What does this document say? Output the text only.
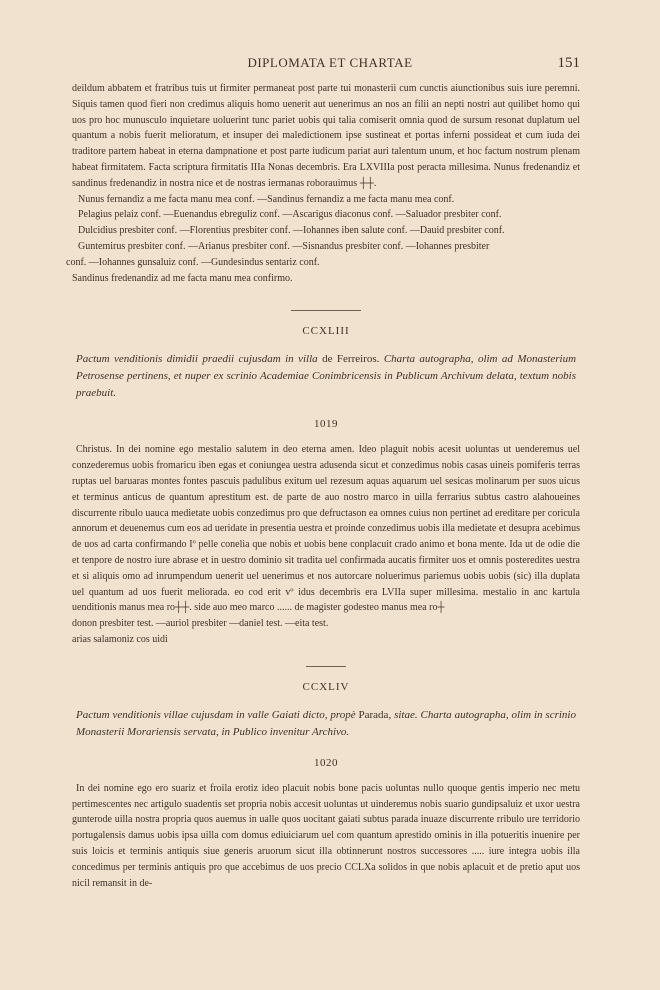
DIPLOMATA ET CHARTAE	151

deildum abbatem et fratribus tuis ut firmiter permaneat post parte tui monasterii cum cunctis aiunctionibus suis iure peremni. Siquis tamen quod fieri non credimus aliquis homo uenerit aut uenerimus an nos an filii an nepti nostri aut quilibet homo qui uos pro hoc munusculo inquietare uoluerint tunc pariet uobis qui talia comiserit omnia quod de sursum resonat duplatum uel quantum a nobis fuerit melioratum, et insuper dei maledictionem ipse sustineat et portas inferni possideat et cum iuda dei traditore partem habeat in eterna dampnatione et post parte iudicum pariat auri talentum unum, et hoc factum nostrum plenam habeat firmitatem. Facta scriptura firmitatis IIIa Nonas decembris. Era LXVIIIa post peracta millesima. Nunus fredenandiz et sandinus fredenandiz in nostra nice et de nostras iermanas roborauimus ┼┼.

Nunus fernandiz a me facta manu mea conf. —Sandinus fernandiz a me facta manu mea conf.

Pelagius pelaiz conf. —Euenandus ebreguliz conf. —Ascarigus diaconus conf. —Saluador presbiter conf.

Dulcidius presbiter conf. —Florentius presbiter conf. —Iohannes iben salute conf. —Dauid presbiter conf.

Guntemirus presbiter conf. —Arianus presbiter conf. —Sisnandus presbiter conf. —Iohannes presbiter

conf. —Iohannes gunsaluiz conf. —Gundesindus sentariz conf.

Sandinus fredenandiz ad me facta manu mea confirmo.

CCXLIII
Pactum venditionis dimidii praedii cujusdam in villa de Ferreiros. Charta autographa, olim ad Monasterium Petrosense pertinens, et nuper ex scrinio Academiae Conimbricensis in Publicum Archivum delata, textum nobis praebuit.
1019

Christus. In dei nomine ego mestalio salutem in deo eterna amen. Ideo plaguit nobis acesit uoluntas ut uenderemus uel conzederemus uobis fromaricu iben egas et coniungea uestra adusenda sicut et conzedimus nobis casas uineis pomiferis terras ruptas uel baruaras montes fontes pascuis padulibus exitum uel rezesum aquas aquarum uel sesicas molinarum per suos uicus et terminus anticus de quantum aprestitum est. de parte de auo nostro marco in uilla ferrarius subtus castro alahoueines discurrente ribulo uauca medietate uobis conzedimus pro que defructason ea omnes cuius non pertinet ad ereditare per coricula annorum et deuenemus cum eos ad ueridate in presentia uestra et proinde conzedimus uobis illa medietate et desupra acebimus de uos ad carta confirmando Iº pelle conelia que nobis et uobis bene conplacuit crado animo et bona mente. Ida ut de odie die et tenpore de nostro iure abrase et in uestro dominio sit tradita uel confirmada aucatis firmiter uos et omnis posteredites uestra et si aliquis omo ad inrumpendum uenerit uel uenerimus et nos autorcare noluerimus pariemus uobis uobis (sic) illa duplata uel quantum ad uos fuerit meliorada. eo cod erit vº idus decembris era LVIIa super millesima. mestalio in anc kartula uenditionis manus mea ro┼┼. side auo meo marco ...... de magister godesteo manus mea ro┼

donon presbiter test. —auriol presbiter —daniel test. —eita test.

arias salamoniz cos uidi

CCXLIV
Pactum venditionis villae cujusdam in valle Gaiati dicto, propè Parada, sitae. Charta autographa, olim in scrinio Monasterii Morariensis servata, in Publico invenitur Archivo.
1020

In dei nomine ego ero suariz et froila erotiz ideo placuit nobis bone pacis uoluntas nullo quoque gentis imperio nec metu pertimescentes nec artigulo suadentis set propria nobis accesit uoluntas ut uinderemus nobis suario gundipsaluiz et uxor uestra gunterode uilla nostra propria quos auemus in ualle quos uocitant gaiati subtus parada inuaze discurrente rribulo ure terridorio portugalensis damus uobis ipsa uilla com domus ediuiciarum uel com quantum aprestido ominis in illa potueritis inuenire per suis loicis et terminis antiquis siue generis aruorum sicut illa obtinnerunt nostros successores ..... iure integra uobis illa concedimus per terminis antiquis pro que accebimus de uos precio CCLXa solidos in que nobis aplacuit et de pretio aput uos nicil remansit in de-
